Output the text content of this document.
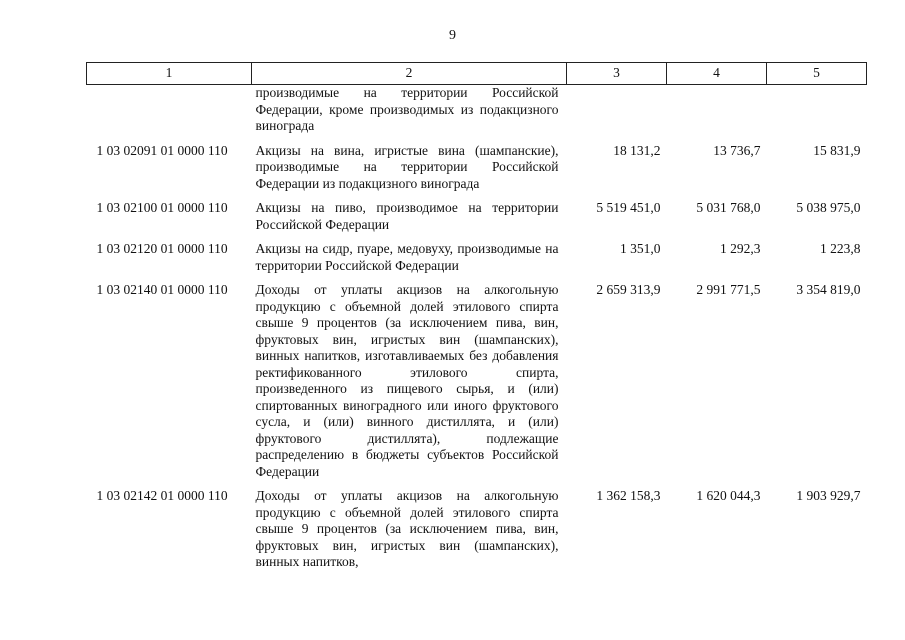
9
1	2	3	4	5
	производимые на территории Российской Федерации, кроме производимых из подакцизного винограда			
1 03 02091 01 0000 110	Акцизы на вина, игристые вина (шампанские), производимые на территории Российской Федерации из подакцизного винограда	18 131,2	13 736,7	15 831,9
1 03 02100 01 0000 110	Акцизы на пиво, производимое на территории Российской Федерации	5 519 451,0	5 031 768,0	5 038 975,0
1 03 02120 01 0000 110	Акцизы на сидр, пуаре, медовуху, производимые на территории Российской Федерации	1 351,0	1 292,3	1 223,8
1 03 02140 01 0000 110	Доходы от уплаты акцизов на алкогольную продукцию с объемной долей этилового спирта свыше 9 процентов (за исключением пива, вин, фруктовых вин, игристых вин (шампанских), винных напитков, изготавливаемых без добавления ректификованного этилового спирта, произведенного из пищевого сырья, и (или) спиртованных виноградного или иного фруктового сусла, и (или) винного дистиллята, и (или) фруктового дистиллята), подлежащие распределению в бюджеты субъектов Российской Федерации	2 659 313,9	2 991 771,5	3 354 819,0
1 03 02142 01 0000 110	Доходы от уплаты акцизов на алкогольную продукцию с объемной долей этилового спирта свыше 9 процентов (за исключением пива, вин, фруктовых вин, игристых вин (шампанских), винных напитков,	1 362 158,3	1 620 044,3	1 903 929,7
